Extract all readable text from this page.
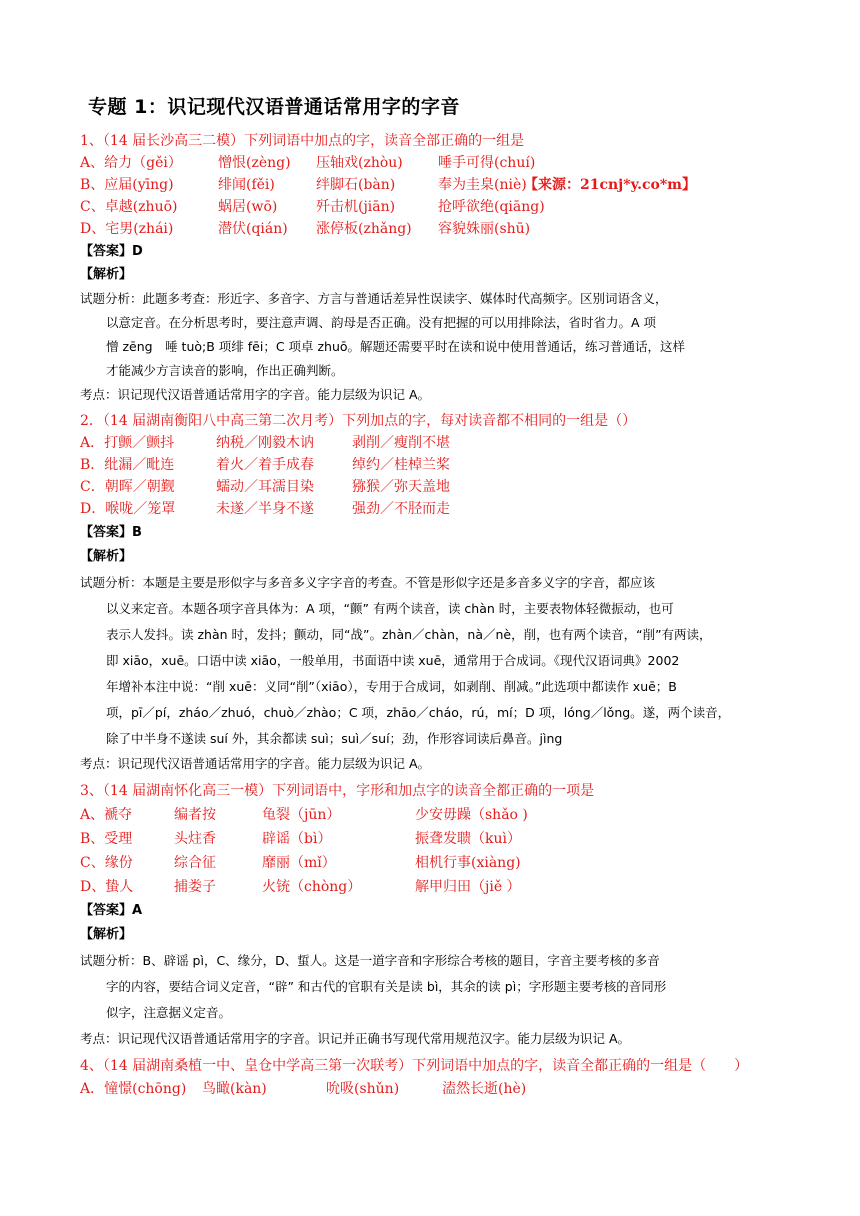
专题 1：识记现代汉语普通话常用字的字音
1、（14 届长沙高三二模）下列词语中加点的字，读音全部正确的一组是
A、给力（gěi）	憎恨(zèng) 压轴戏(zhòu)	唾手可得(chuí)
B、应届(yīng)	绯闻(fěi)	绊脚石(bàn)	奉为圭臬(niè)【来源：21cnj*y.co*m】
C、卓越(zhuō)	蜗居(wō)	歼击机(jiān)	抢呼欲绝(qiāng)
D、宅男(zhái)	潜伏(qián) 涨停板(zhǎng) 容貌姝丽(shū)
【答案】D
【解析】
试题分析：此题多考查：形近字、多音字、方言与普通话差异性误读字、媒体时代高频字。区别词语含义，
以意定音。在分析思考时，要注意声调、韵母是否正确。没有把握的可以用排除法，省时省力。A 项
憎 zēng　唾 tuò;B 项绯 fēi；C 项卓 zhuō。解题还需要平时在读和说中使用普通话，练习普通话，这样
才能减少方言读音的影响，作出正确判断。
考点：识记现代汉语普通话常用字的字音。能力层级为识记 A。
2．（14 届湖南衡阳八中高三第二次月考）下列加点的字，每对读音都不相同的一组是（）
A．打颤／颤抖	纳税／刚毅木讷	剥削／瘦削不堪
B．纰漏／毗连	着火／着手成春	绰约／桂棹兰桨
C．朝晖／朝觐	蠕动／耳濡目染	猕猴／弥天盖地
D．喉咙／笼罩	未遂／半身不遂	强劲／不胫而走
【答案】B
【解析】
试题分析：本题是主要是形似字与多音多义字字音的考查。不管是形似字还是多音多义字的字音，都应该
以义来定音。本题各项字音具体为：A 项，“颤” 有两个读音，读 chàn 时，主要表物体轻微振动，也可
表示人发抖。读 zhàn 时，发抖；颤动，同“战”。zhàn／chàn，nà／nè，削，也有两个读音，“削”有两读，
即 xiāo，xuē。口语中读 xiāo，一般单用，书面语中读 xuē，通常用于合成词。《现代汉语词典》2002
年增补本注中说：“削 xuē：义同“削”（xiāo），专用于合成词，如剥削、削减。”此选项中都读作 xuē；B
项，pī／pí，zháo／zhuó，chuò／zhào；C 项，zhāo／cháo，rú，mí；D 项，lóng／lǒng。遂，两个读音，
除了中半身不遂读 suí 外，其余都读 suì；suì／suí；劲，作形容词读后鼻音。jìng
考点：识记现代汉语普通话常用字的字音。能力层级为识记 A。
3、（14 届湖南怀化高三一模）下列词语中，字形和加点字的读音全都正确的一项是
A、褫夺	编者按	龟裂（jūn）	少安毋躁（shǎo )
B、受理	头炷香	辟谣（bì）	振聋发聩（kuì）
C、缘份	综合征	靡丽（mǐ）	相机行事(xiàng)
D、蛰人	捕娄子	火铳（chòng）	解甲归田（jiě ）
【答案】A
【解析】
试题分析：B、辟谣 pì，C、缘分，D、蜇人。这是一道字音和字形综合考核的题目，字音主要考核的多音
字的内容，要结合词义定音，“辟” 和古代的官职有关是读 bì，其余的读 pì；字形题主要考核的音同形
似字，注意据义定音。
考点：识记现代汉语普通话常用字的字音。识记并正确书写现代常用规范汉字。能力层级为识记 A。
4、（14 届湖南桑植一中、皇仓中学高三第一次联考）下列词语中加点的字，读音全都正确的一组是（　　）
A．憧憬(chōng) 鸟瞰(kàn)	吮吸(shǔn)	溘然长逝(hè)
